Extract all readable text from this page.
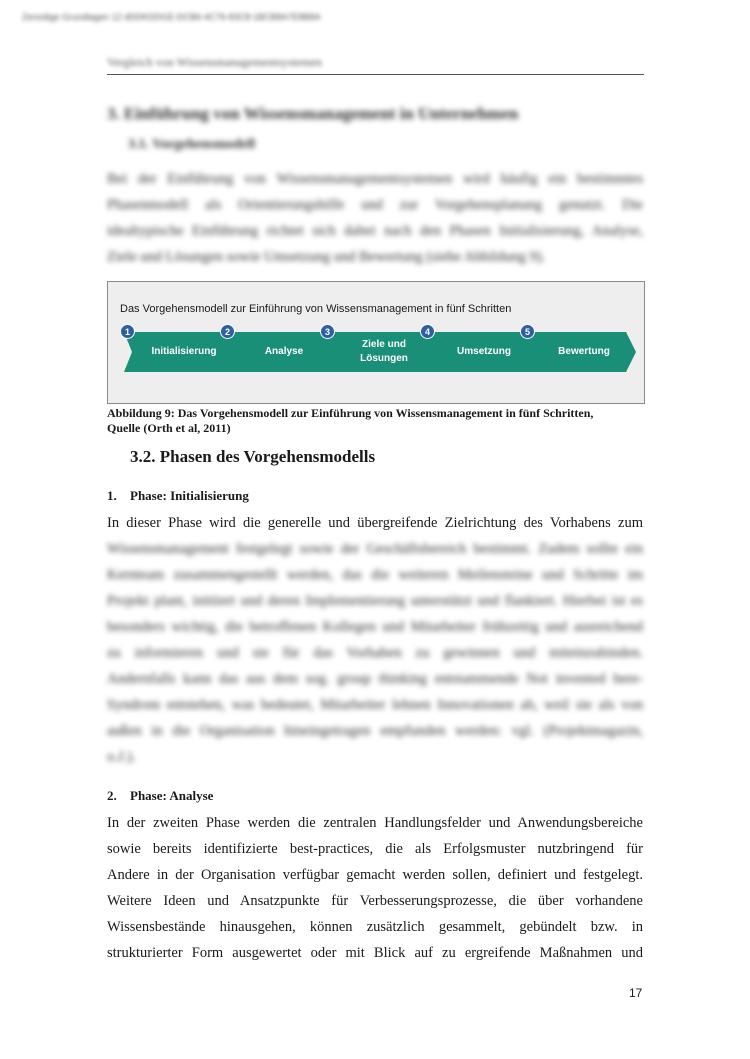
Zenodige Grundlagen 12 dDDKDDGE-DCB6-4C76-83C8-1BCB8A7E8B8A
Vergleich von Wissensmanagementsystemen
3. Einführung von Wissensmanagement in Unternehmen
3.1. Vorgehensmodell
Bei der Einführung von Wissensmanagementsystemen wird häufig ein bestimmtes
Phasenmodell als Orientierungshilfe und zur Vorgehensplanung genutzt. Die
idealtypische Einführung richtet sich dabei nach den Phasen Initialisierung, Analyse,
Ziele und Lösungen sowie Umsetzung und Bewertung (siehe Abbildung 9).
Das Vorgehensmodell zur Einführung von Wissensmanagement in fünf Schritten
Initialisierung	Analyse
Ziele und
Lösungen
Umsetzung	Bewertung
1	2	3	4	5
Abbildung 9: Das Vorgehensmodell zur Einführung von Wissensmanagement in fünf Schritten,
Quelle (Orth et al, 2011)
3.2. Phasen des Vorgehensmodells
1. Phase: Initialisierung
In dieser Phase wird die generelle und übergreifende Zielrichtung des Vorhabens zum
Wissensmanagement festgelegt sowie der Geschäftsbereich bestimmt. Zudem sollte ein
Kernteam zusammengestellt werden, das die weiteren Meilensteine und Schritte im
Projekt plant, initiiert und deren Implementierung unterstützt und flankiert. Hierbei ist es
besonders wichtig, die betroffenen Kollegen und Mitarbeiter frühzeitig und ausreichend
zu informieren und sie für das Vorhaben zu gewinnen und miteinzubinden.
Andernfalls kann das aus dem sog. group thinking entstammende Not invented here-
Syndrom entstehen, was bedeutet, Mitarbeiter lehnen Innovationen ab, weil sie als von
außen in die Organisation hineingetragen empfunden werden: vgl. (Projektmagazin,
o.J.).
2. Phase: Analyse
In der zweiten Phase werden die zentralen Handlungsfelder und Anwendungsbereiche
sowie bereits identifizierte best-practices, die als Erfolgsmuster nutzbringend für
Andere in der Organisation verfügbar gemacht werden sollen, definiert und festgelegt.
Weitere Ideen und Ansatzpunkte für Verbesserungsprozesse, die über vorhandene
Wissensbestände hinausgehen, können zusätzlich gesammelt, gebündelt bzw. in
strukturierter Form ausgewertet oder mit Blick auf zu ergreifende Maßnahmen und
17
